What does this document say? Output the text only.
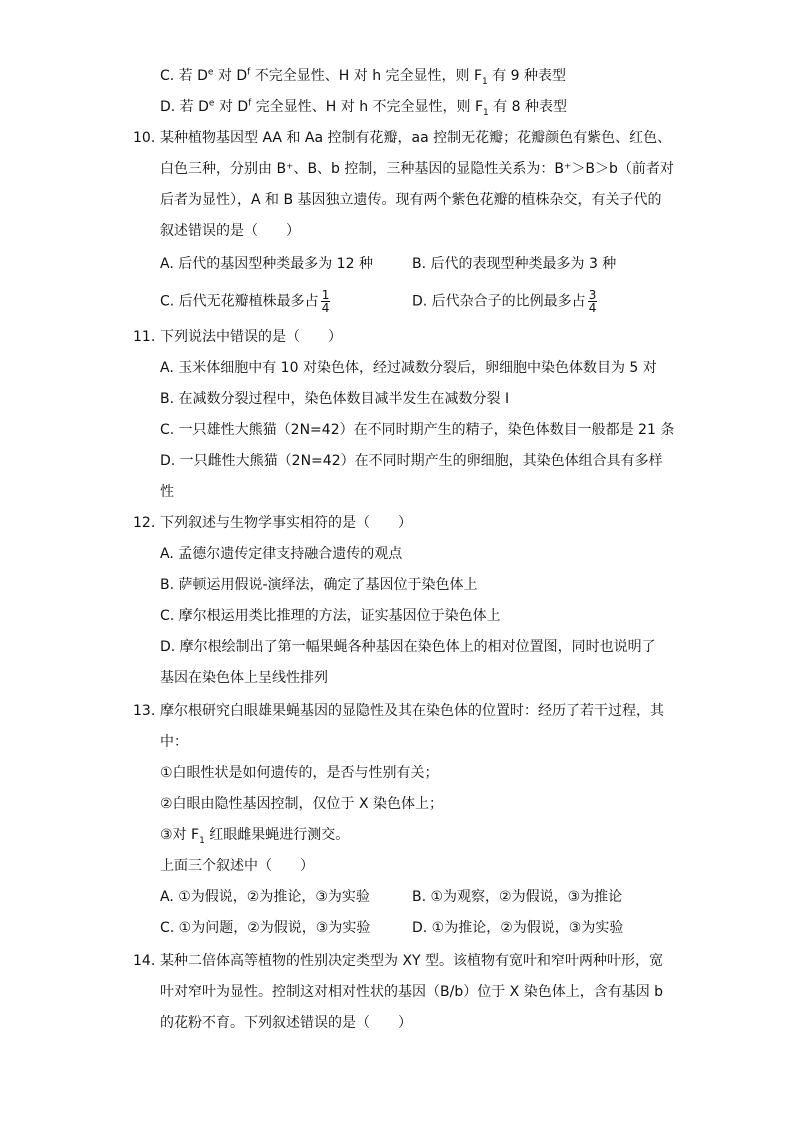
C. 若 De 对 $D^f$ 不完全显性、H 对 h 完全显性，则 $F_1$ 有 9 种表型
D. 若 De 对 $D^f$ 完全显性、H 对 h 不完全显性，则 $F_1$ 有 8 种表型
10. 某种植物基因型 AA 和 Aa 控制有花瓣，aa 控制无花瓣；花瓣颜色有紫色、红色、
白色三种，分别由 B⁺、B、b 控制，三种基因的显隐性关系为：B⁺＞B＞b（前者对
后者为显性），A 和 B 基因独立遗传。现有两个紫色花瓣的植株杂交，有关子代的
叙述错误的是（　　）
A. 后代的基因型种类最多为 12 种	B. 后代的表现型种类最多为 3 种
C. 后代无花瓣植株最多占 $\frac{1}{4}$	D. 后代杂合子的比例最多占 $\frac{3}{4}$
11. 下列说法中错误的是（　　）
A. 玉米体细胞中有 10 对染色体，经过减数分裂后，卵细胞中染色体数目为 5 对
B. 在减数分裂过程中，染色体数目减半发生在减数分裂 I
C. 一只雄性大熊猫（2N=42）在不同时期产生的精子，染色体数目一般都是 21 条
D. 一只雌性大熊猫（2N=42）在不同时期产生的卵细胞，其染色体组合具有多样
性
12. 下列叙述与生物学事实相符的是（　　）
A. 孟德尔遗传定律支持融合遗传的观点
B. 萨顿运用假说-演绎法，确定了基因位于染色体上
C. 摩尔根运用类比推理的方法，证实基因位于染色体上
D. 摩尔根绘制出了第一幅果蝇各种基因在染色体上的相对位置图，同时也说明了
基因在染色体上呈线性排列
13. 摩尔根研究白眼雄果蝇基因的显隐性及其在染色体的位置时：经历了若干过程，其
中：
①白眼性状是如何遗传的，是否与性别有关；
②白眼由隐性基因控制，仅位于 X 染色体上；
③对 $F_1$ 红眼雌果蝇进行测交。
上面三个叙述中（　　）
A. ①为假说，②为推论，③为实验	B. ①为观察，②为假说，③为推论
C. ①为问题，②为假说，③为实验	D. ①为推论，②为假说，③为实验
14. 某种二倍体高等植物的性别决定类型为 XY 型。该植物有宽叶和窄叶两种叶形，宽
叶对窄叶为显性。控制这对相对性状的基因（B/b）位于 X 染色体上，含有基因 b
的花粉不育。下列叙述错误的是（　　）
